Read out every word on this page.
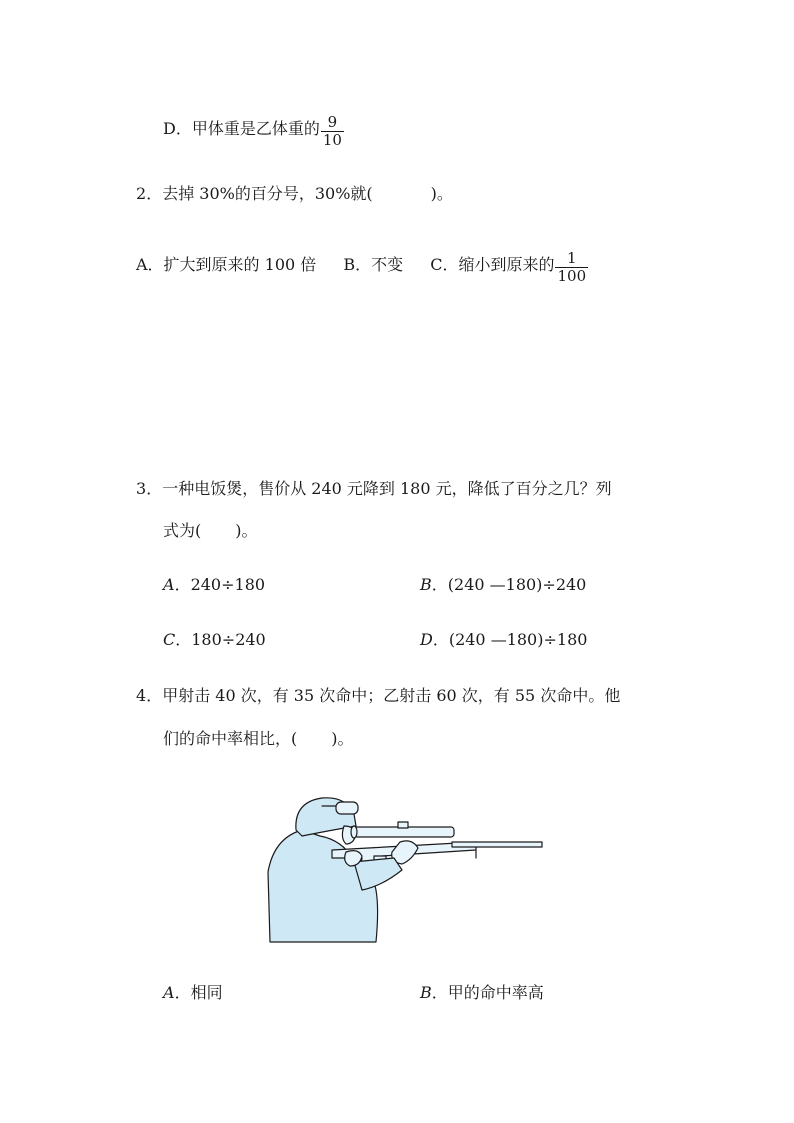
D．甲体重是乙体重的 $\frac{9}{10}$
2．去掉 30%的百分号，30%就(	)。
A．扩大到原来的 100 倍 B．不变 C．缩小到原来的 $\frac{1}{100}$
3．一种电饭煲，售价从 240 元降到 180 元，降低了百分之几？列
式为( )。
A．240÷180	B．(240 —180)÷240
C．180÷240	D．(240 —180)÷180
4．甲射击 40 次，有 35 次命中；乙射击 60 次，有 55 次命中。他
们的命中率相比，( )。
A．相同	B．甲的命中率高
